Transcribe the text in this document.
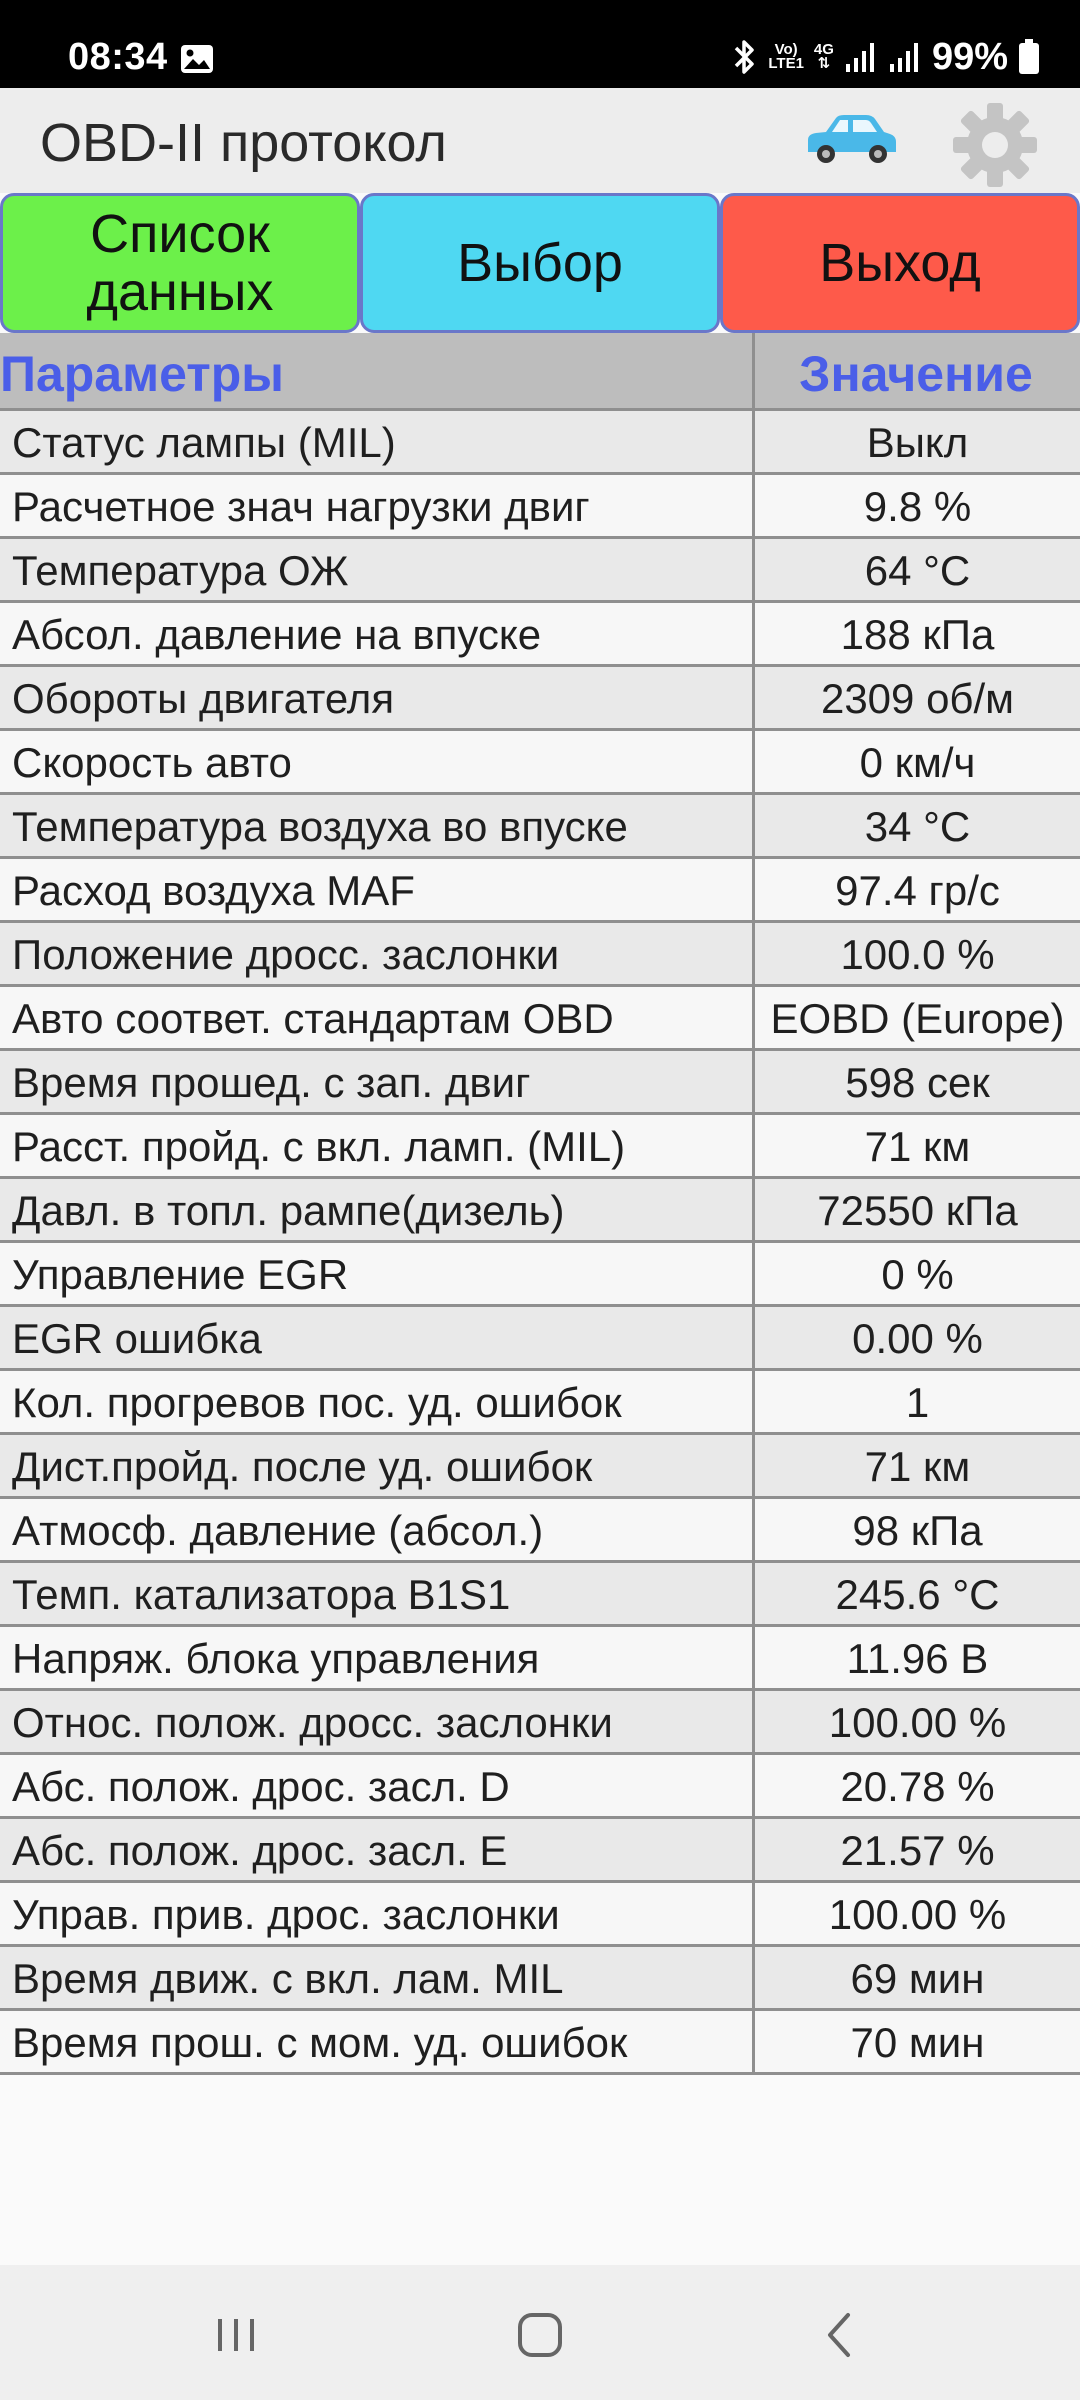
08:34	Vo)
LTE1
4G
⇅	99%
OBD-II протокол
Список
данных	Выбор	Выход
Параметры	Значение
Статус лампы (MIL)	Выкл
Расчетное знач нагрузки двиг	9.8 %
Температура ОЖ	64 °C
Абсол. давление на впуске	188 кПа
Обороты двигателя	2309 об/м
Скорость авто	0 км/ч
Температура воздуха во впуске	34 °C
Расход воздуха MAF	97.4 гр/с
Положение дросс. заслонки	100.0 %
Авто соответ. стандартам OBD	EOBD (Europe)
Время прошед. с зап. двиг	598 сек
Расст. пройд. с вкл. ламп. (MIL)	71 км
Давл. в топл. рампе(дизель)	72550 кПа
Управление EGR	0 %
EGR ошибка	0.00 %
Кол. прогревов пос. уд. ошибок	1
Дист.пройд. после уд. ошибок	71 км
Атмосф. давление (абсол.)	98 кПа
Темп. катализатора B1S1	245.6 °C
Напряж. блока управления	11.96 В
Относ. полож. дросс. заслонки	100.00 %
Абс. полож. дрос. засл. D	20.78 %
Абс. полож. дрос. засл. E	21.57 %
Управ. прив. дрос. заслонки	100.00 %
Время движ. с вкл. лам. MIL	69 мин
Время прош. с мом. уд. ошибок	70 мин
